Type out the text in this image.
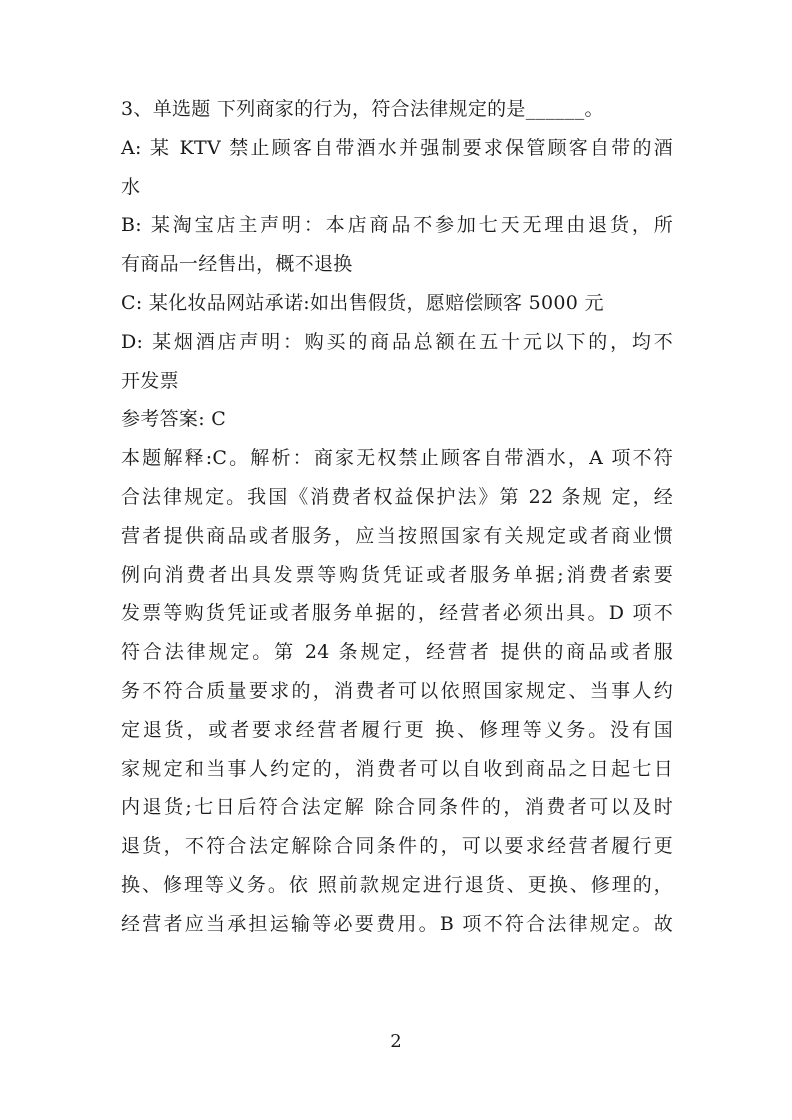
3、单选题 下列商家的行为，符合法律规定的是______。
A: 某 KTV 禁止顾客自带酒水并强制要求保管顾客自带的酒
水
B: 某淘宝店主声明：本店商品不参加七天无理由退货，所
有商品一经售出，概不退换
C: 某化妆品网站承诺:如出售假货，愿赔偿顾客 5000 元
D: 某烟酒店声明：购买的商品总额在五十元以下的，均不
开发票
参考答案: C
本题解释:C。解析：商家无权禁止顾客自带酒水，A 项不符
合法律规定。我国《消费者权益保护法》第 22 条规 定，经
营者提供商品或者服务，应当按照国家有关规定或者商业惯
例向消费者出具发票等购货凭证或者服务单据;消费者索要
发票等购货凭证或者服务单据的，经营者必须出具。D 项不
符合法律规定。第 24 条规定，经营者 提供的商品或者服
务不符合质量要求的，消费者可以依照国家规定、当事人约
定退货，或者要求经营者履行更 换、修理等义务。没有国
家规定和当事人约定的，消费者可以自收到商品之日起七日
内退货;七日后符合法定解 除合同条件的，消费者可以及时
退货，不符合法定解除合同条件的，可以要求经营者履行更
换、修理等义务。依 照前款规定进行退货、更换、修理的，
经营者应当承担运输等必要费用。B 项不符合法律规定。故
2
